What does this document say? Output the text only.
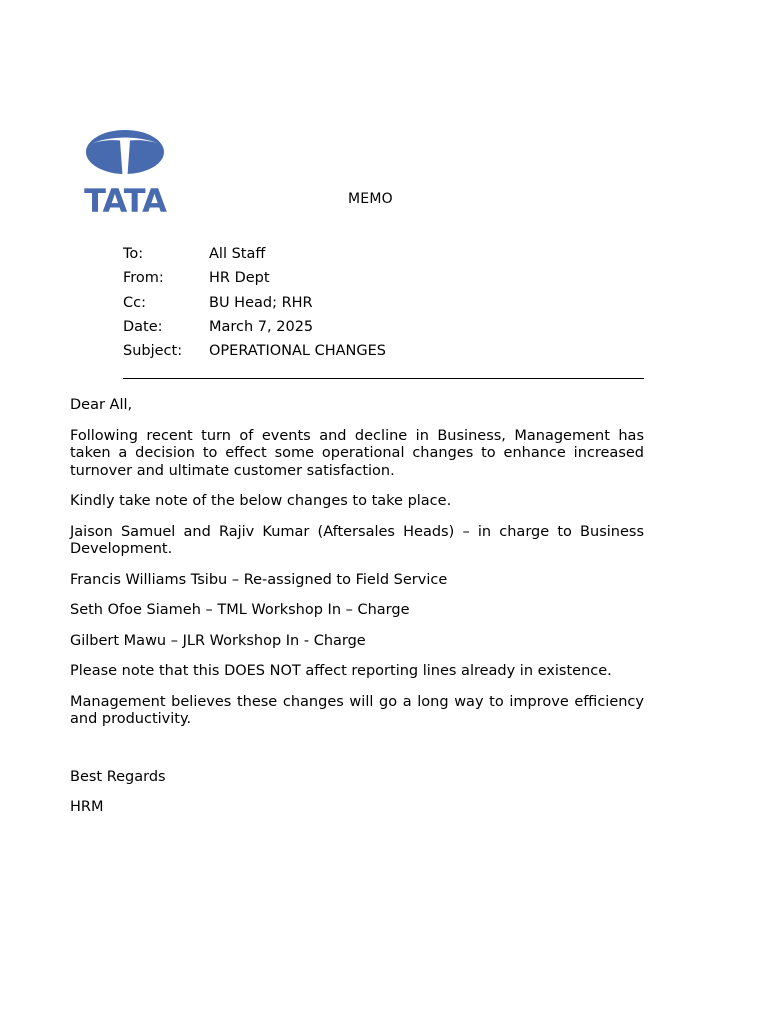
TATA	MEMO
To:	All Staff
From:	HR Dept
Cc:	BU Head; RHR
Date:	March 7, 2025
Subject:	OPERATIONAL CHANGES

Dear All,

Following recent turn of events and decline in Business, Management has taken a decision to effect some operational changes to enhance increased turnover and ultimate customer satisfaction.

Kindly take note of the below changes to take place.

Jaison Samuel and Rajiv Kumar (Aftersales Heads) – in charge to Business Development.

Francis Williams Tsibu – Re-assigned to Field Service

Seth Ofoe Siameh – TML Workshop In – Charge

Gilbert Mawu – JLR Workshop In - Charge

Please note that this DOES NOT affect reporting lines already in existence.

Management believes these changes will go a long way to improve efficiency and productivity.

Best Regards
HRM
